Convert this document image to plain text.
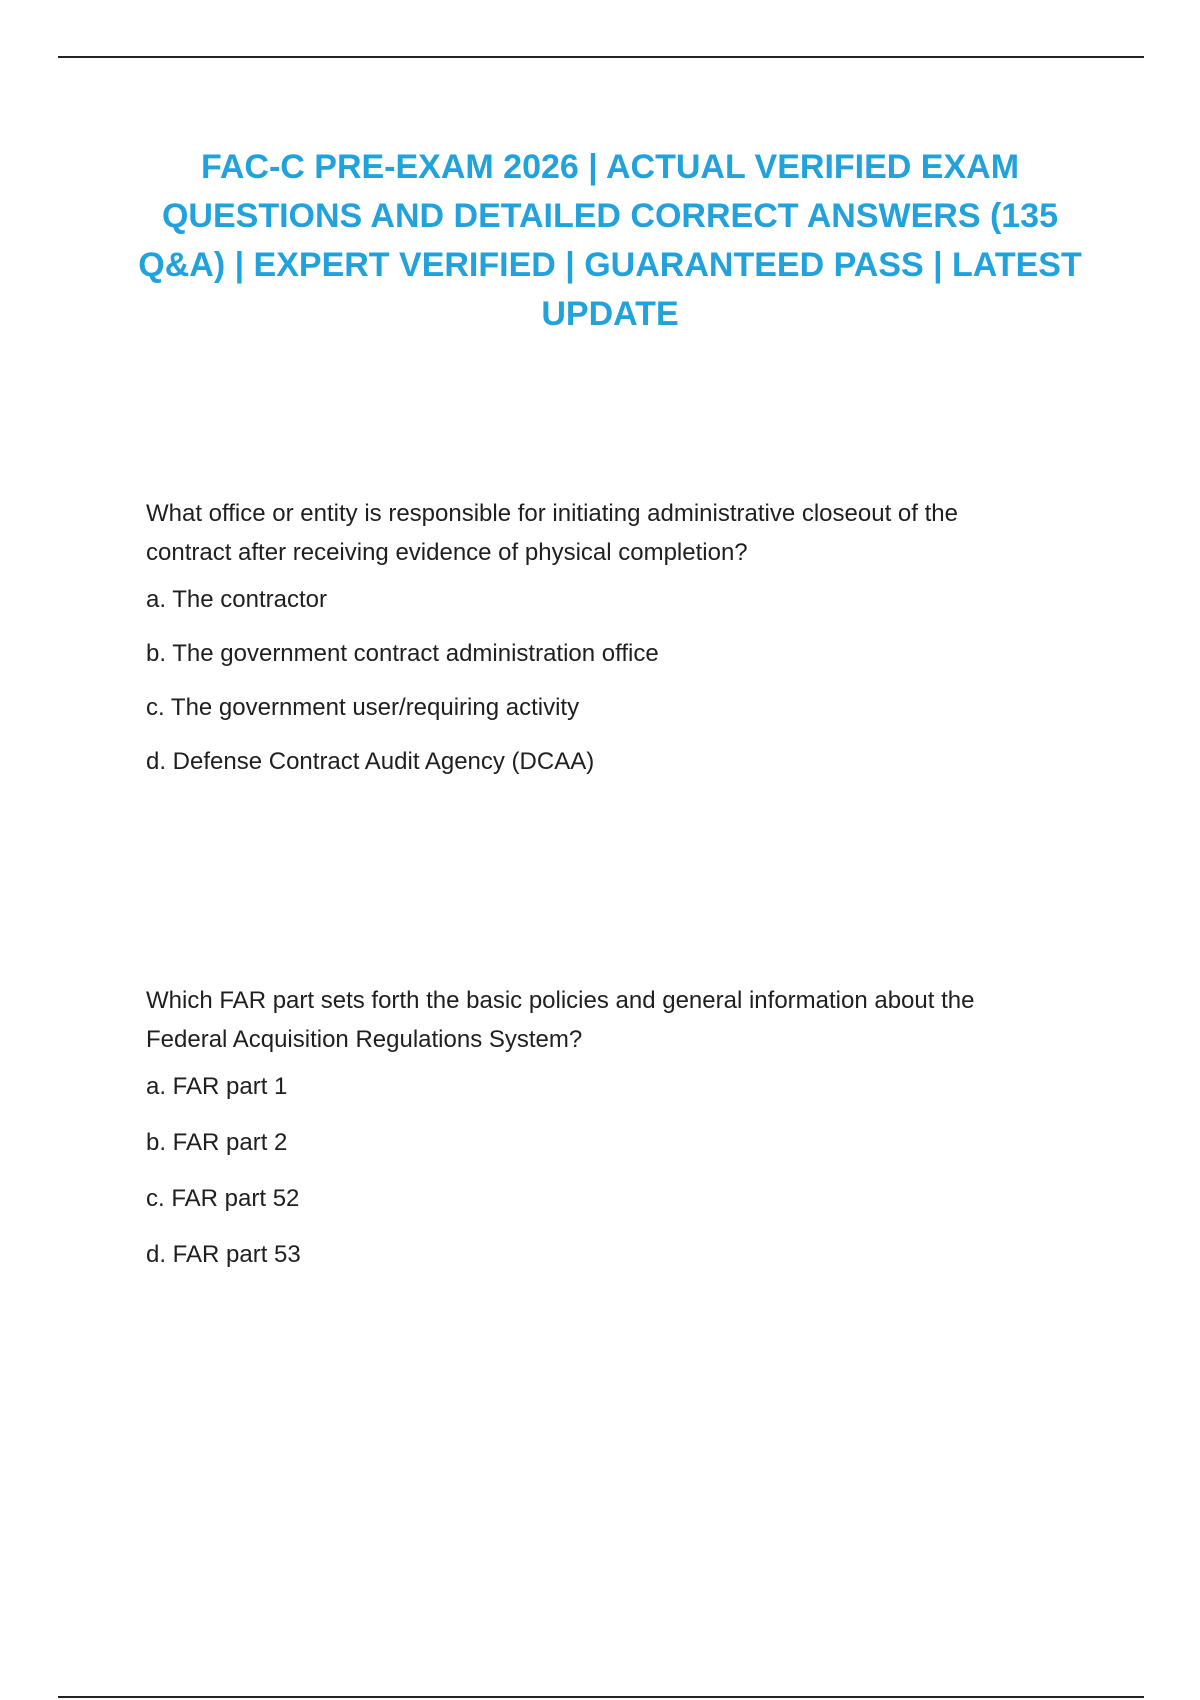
FAC-C PRE-EXAM 2026 | ACTUAL VERIFIED EXAM
QUESTIONS AND DETAILED CORRECT ANSWERS (135
Q&A) | EXPERT VERIFIED | GUARANTEED PASS | LATEST
UPDATE

What office or entity is responsible for initiating administrative closeout of the
contract after receiving evidence of physical completion?

a. The contractor
b. The government contract administration office
c. The government user/requiring activity
d. Defense Contract Audit Agency (DCAA)

Which FAR part sets forth the basic policies and general information about the
Federal Acquisition Regulations System?

a. FAR part 1
b. FAR part 2
c. FAR part 52
d. FAR part 53
